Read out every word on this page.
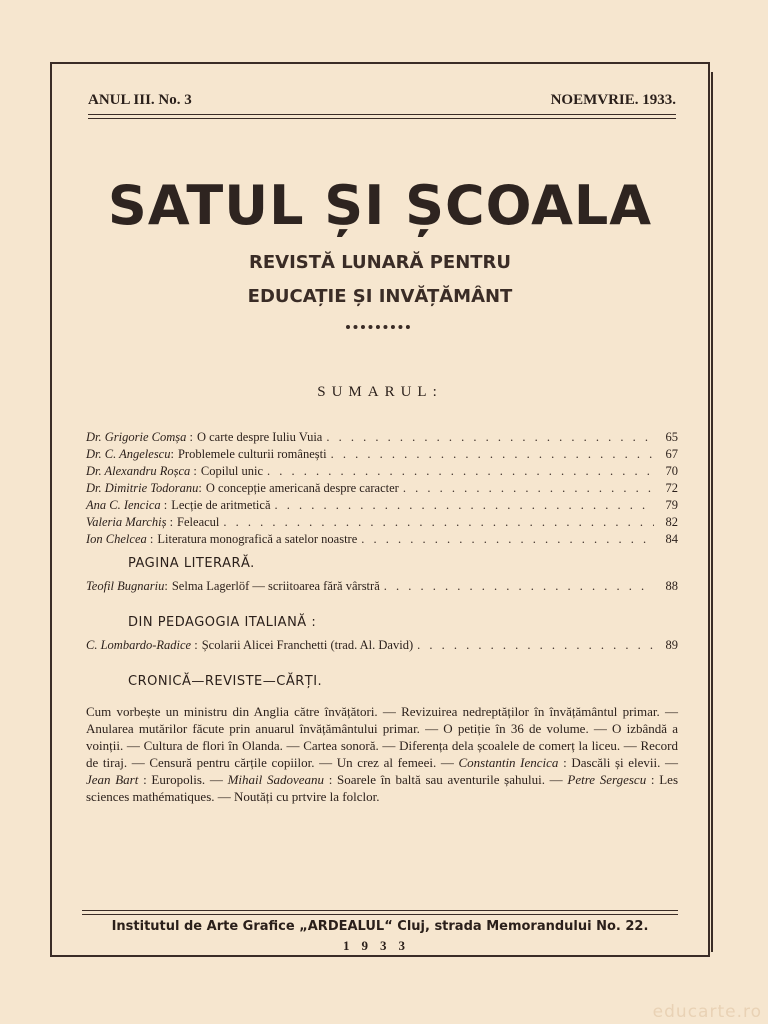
ANUL III. No. 3	NOEMVRIE. 1933.
SATUL ȘI ȘCOALA
REVISTĂ LUNARĂ PENTRU
EDUCAȚIE ȘI INVĂȚĂMÂNT
SUMARUL:
Dr. Grigorie Comșa : O carte despre Iuliu Vuia . . .	65
Dr. C. Angelescu : Problemele culturii românești . . .	67
Dr. Alexandru Roșca : Copilul unic . . .	70
Dr. Dimitrie Todoranu : O concepție americană despre caracter . . .	72
Ana C. Iencica : Lecție de aritmetică . . .	79
Valeria Marchiș : Feleacul . . .	82
Ion Chelcea : Literatura monografică a satelor noastre . . .	84
PAGINA LITERARĂ.
Teofil Bugnariu : Selma Lagerlöf — scriitoarea fără vârstră . . .	88
DIN PEDAGOGIA ITALIANĂ :
C. Lombardo-Radice : Școlarii Alicei Franchetti (trad. Al. David) . . .	89
CRONICĂ—REVISTE—CĂRȚI.
Cum vorbește un ministru din Anglia către învățători. — Revizuirea nedreptăților în învățământul primar. — Anularea mutărilor făcute prin anuarul învățământului primar. — O petiție în 36 de volume. — O izbândă a voinții. — Cultura de flori în Olanda. — Cartea sonoră. — Diferența dela școalele de comerț la liceu. — Record de tiraj. — Censură pentru cărțile copiilor. — Un crez al femeei. — Constantin Iencica : Dascăli și elevii. — Jean Bart : Europolis. — Mihail Sadoveanu : Soarele în baltă sau aventurile șahului. — Petre Sergescu : Les sciences mathématiques. — Noutăți cu prtvire la folclor.
Institutul de Arte Grafice „ARDEALUL“ Cluj, strada Memorandului No. 22.
1933
educarte.ro
